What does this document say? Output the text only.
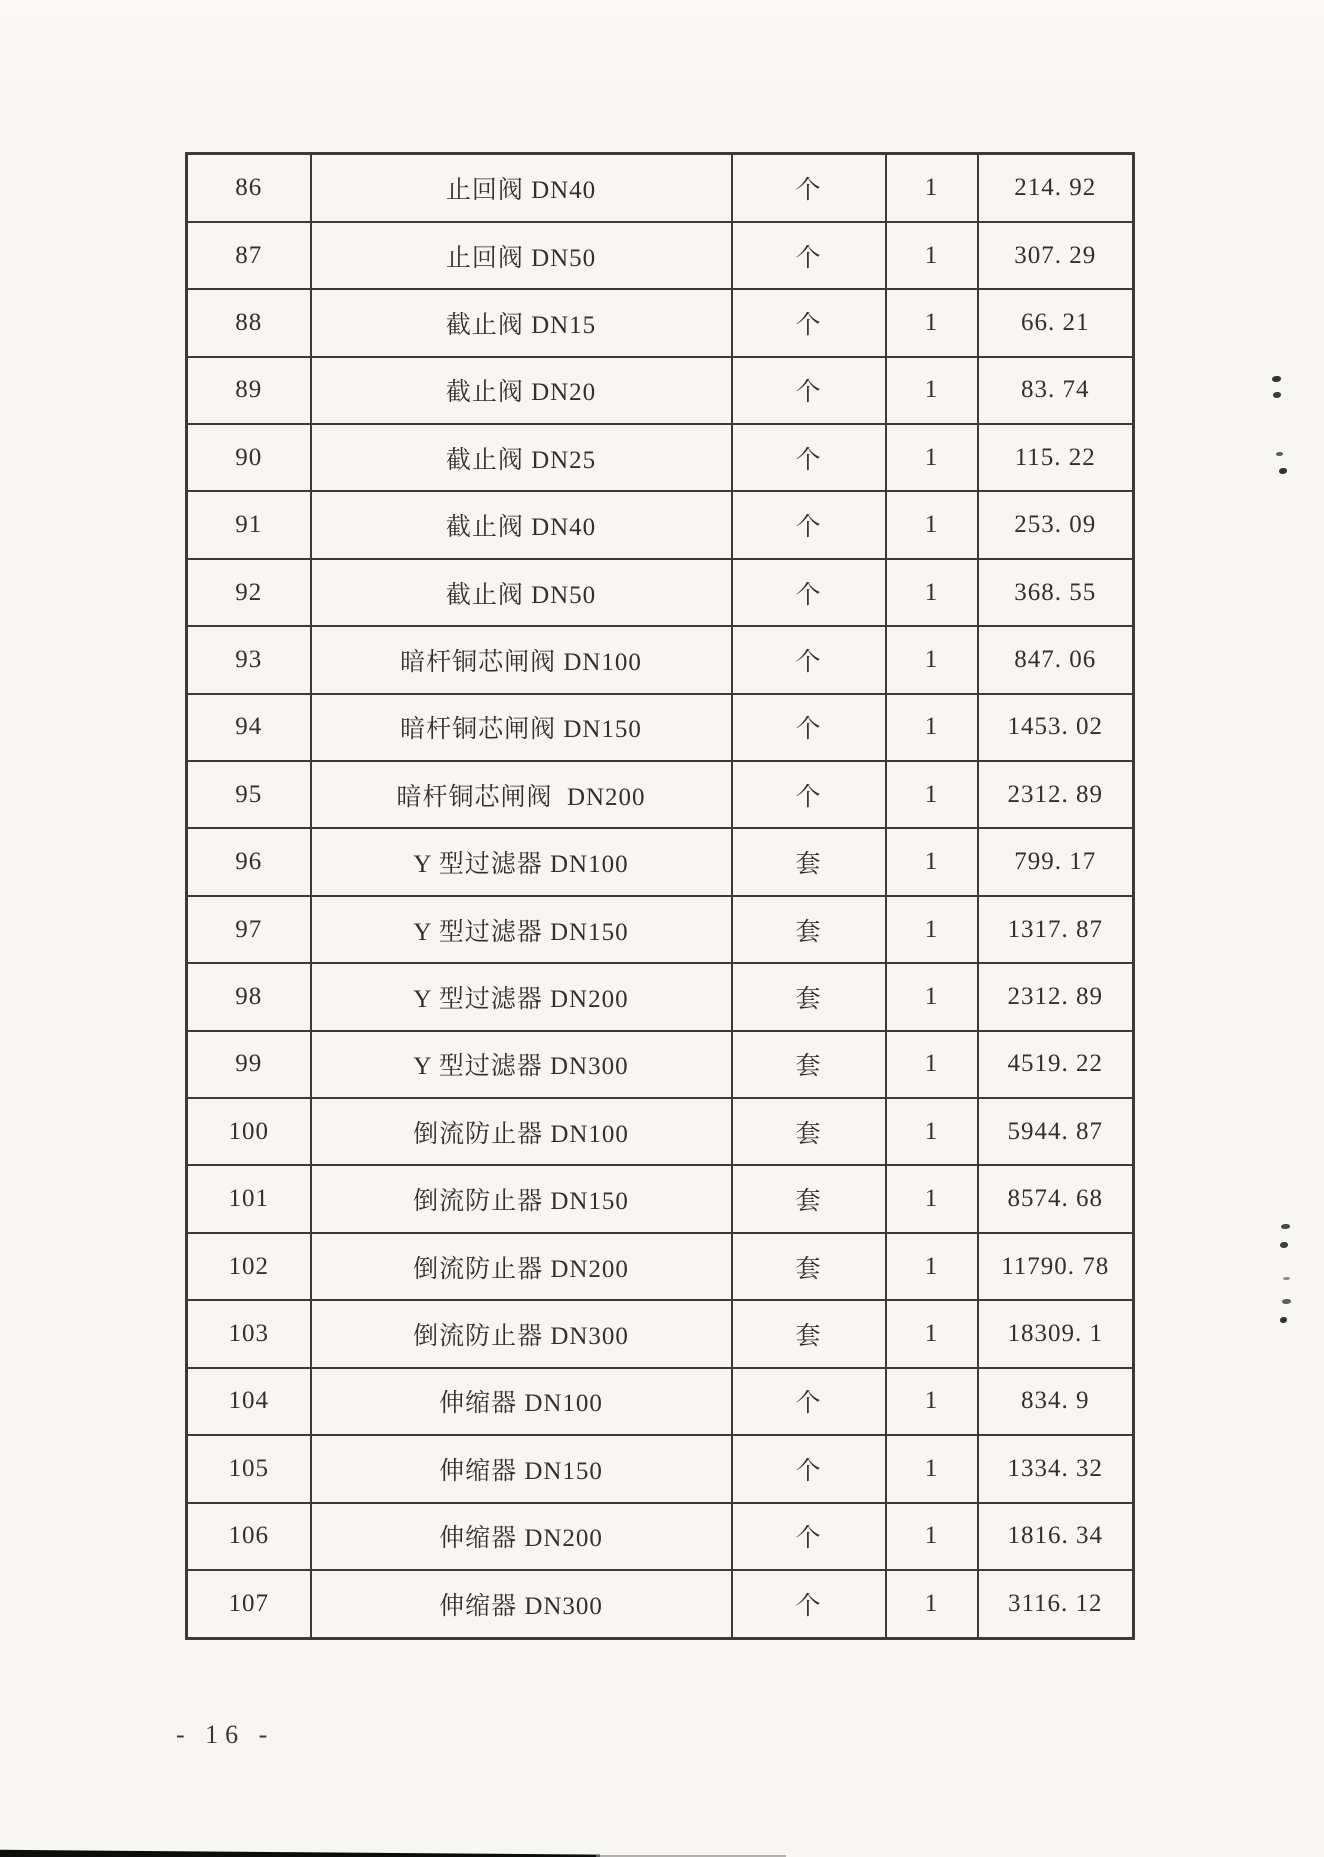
86	止回阀 DN40	个	1	214. 92
87	止回阀 DN50	个	1	307. 29
88	截止阀 DN15	个	1	66. 21
89	截止阀 DN20	个	1	83. 74
90	截止阀 DN25	个	1	115. 22
91	截止阀 DN40	个	1	253. 09
92	截止阀 DN50	个	1	368. 55
93	暗杆铜芯闸阀 DN100	个	1	847. 06
94	暗杆铜芯闸阀 DN150	个	1	1453. 02
95	暗杆铜芯闸阀  DN200	个	1	2312. 89
96	Y 型过滤器 DN100	套	1	799. 17
97	Y 型过滤器 DN150	套	1	1317. 87
98	Y 型过滤器 DN200	套	1	2312. 89
99	Y 型过滤器 DN300	套	1	4519. 22
100	倒流防止器 DN100	套	1	5944. 87
101	倒流防止器 DN150	套	1	8574. 68
102	倒流防止器 DN200	套	1	11790. 78
103	倒流防止器 DN300	套	1	18309. 1
104	伸缩器 DN100	个	1	834. 9
105	伸缩器 DN150	个	1	1334. 32
106	伸缩器 DN200	个	1	1816. 34
107	伸缩器 DN300	个	1	3116. 12
- 16 -
